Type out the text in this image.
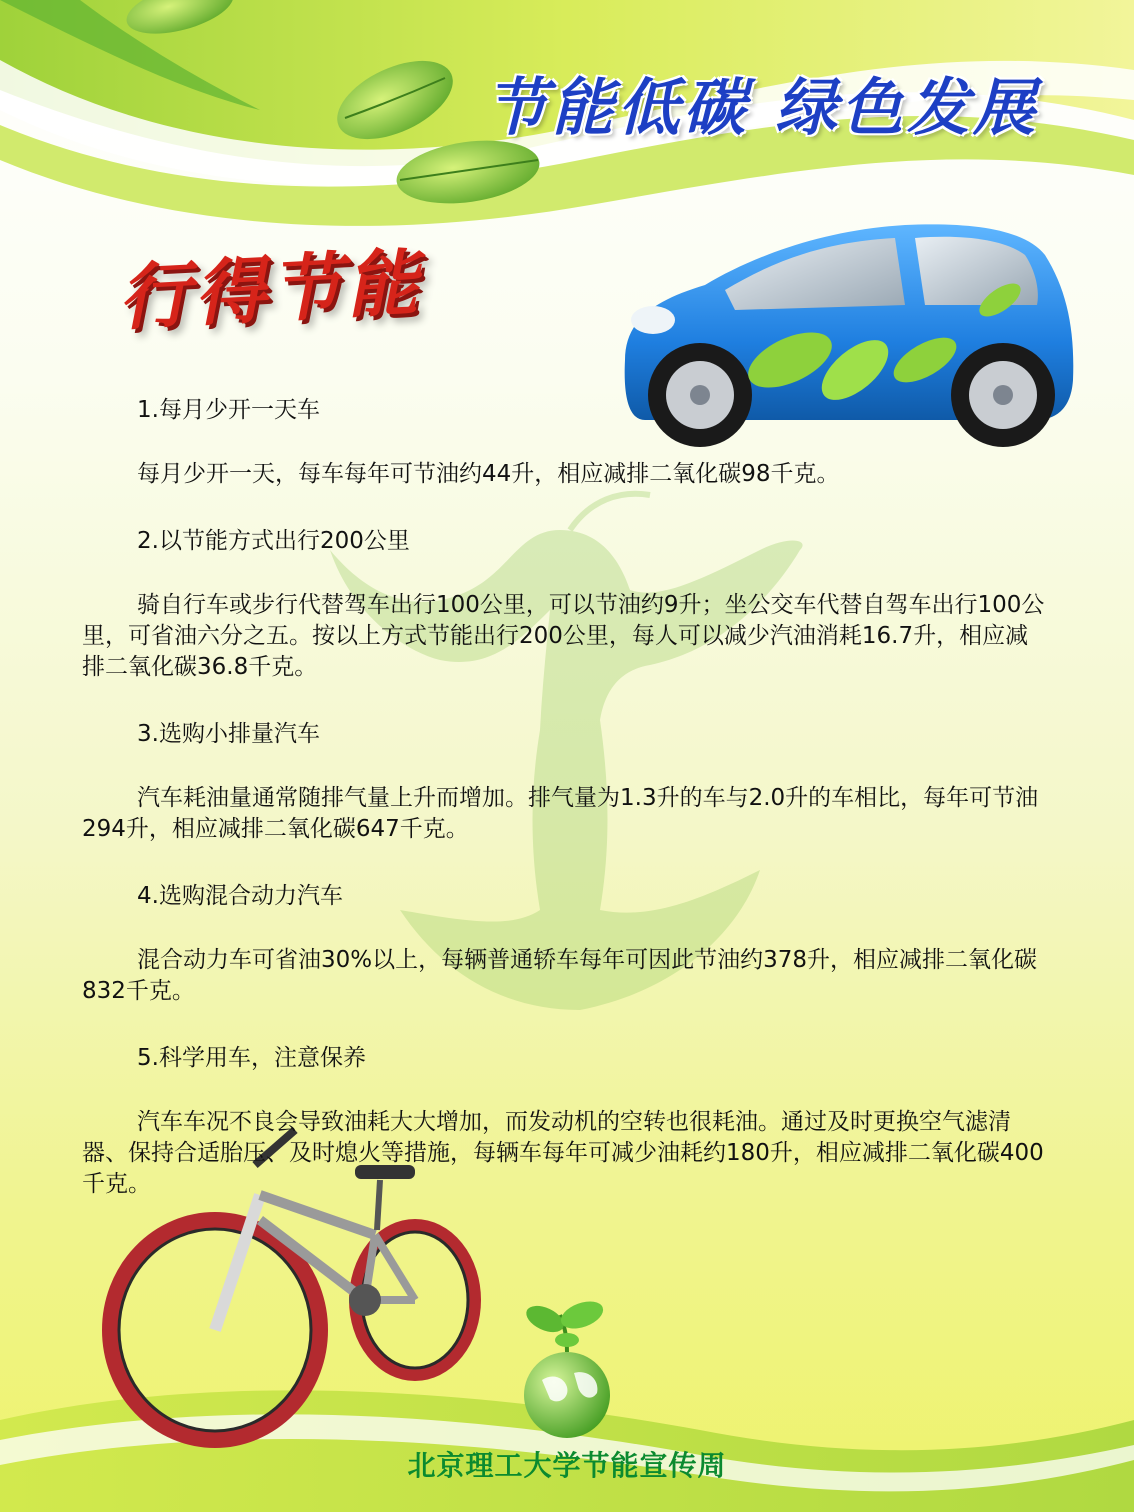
节能低碳 绿色发展
行得节能

1.每月少开一天车

每月少开一天，每车每年可节油约44升，相应减排二氧化碳98千克。

2.以节能方式出行200公里

骑自行车或步行代替驾车出行100公里，可以节油约9升；坐公交车代替自驾车出行100公里，可省油六分之五。按以上方式节能出行200公里，每人可以减少汽油消耗16.7升，相应减排二氧化碳36.8千克。

3.选购小排量汽车

汽车耗油量通常随排气量上升而增加。排气量为1.3升的车与2.0升的车相比，每年可节油294升，相应减排二氧化碳647千克。

4.选购混合动力汽车

混合动力车可省油30%以上，每辆普通轿车每年可因此节油约378升，相应减排二氧化碳832千克。

5.科学用车，注意保养

汽车车况不良会导致油耗大大增加，而发动机的空转也很耗油。通过及时更换空气滤清器、保持合适胎压、及时熄火等措施，每辆车每年可减少油耗约180升，相应减排二氧化碳400千克。

北京理工大学节能宣传周
